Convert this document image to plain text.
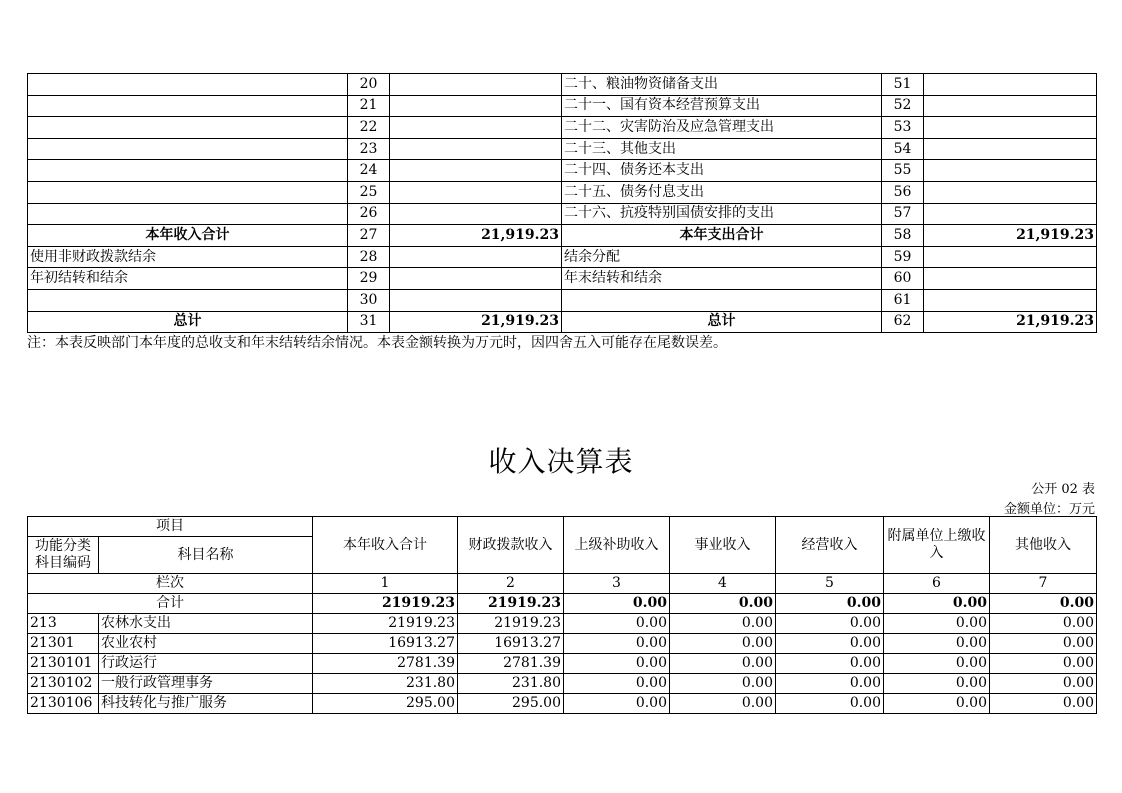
	20		二十、粮油物资储备支出	51	
	21		二十一、国有资本经营预算支出	52	
	22		二十二、灾害防治及应急管理支出	53	
	23		二十三、其他支出	54	
	24		二十四、债务还本支出	55	
	25		二十五、债务付息支出	56	
	26		二十六、抗疫特别国债安排的支出	57	
本年收入合计	27	21,919.23	本年支出合计	58	21,919.23
使用非财政拨款结余	28		结余分配	59	
年初结转和结余	29		年末结转和结余	60	
	30			61	
总计	31	21,919.23	总计	62	21,919.23
注：本表反映部门本年度的总收支和年末结转结余情况。本表金额转换为万元时，因四舍五入可能存在尾数误差。
收入决算表
公开 02 表
金额单位：万元
项目		本年收入合计	财政拨款收入	上级补助收入	事业收入	经营收入	附属单位上缴收入	其他收入
功能分类科目编码	科目名称							
栏次		1	2	3	4	5	6	7
合计		21919.23	21919.23	0.00	0.00	0.00	0.00	0.00
213	农林水支出	21919.23	21919.23	0.00	0.00	0.00	0.00	0.00
21301	农业农村	16913.27	16913.27	0.00	0.00	0.00	0.00	0.00
2130101	行政运行	2781.39	2781.39	0.00	0.00	0.00	0.00	0.00
2130102	一般行政管理事务	231.80	231.80	0.00	0.00	0.00	0.00	0.00
2130106	科技转化与推广服务	295.00	295.00	0.00	0.00	0.00	0.00	0.00
